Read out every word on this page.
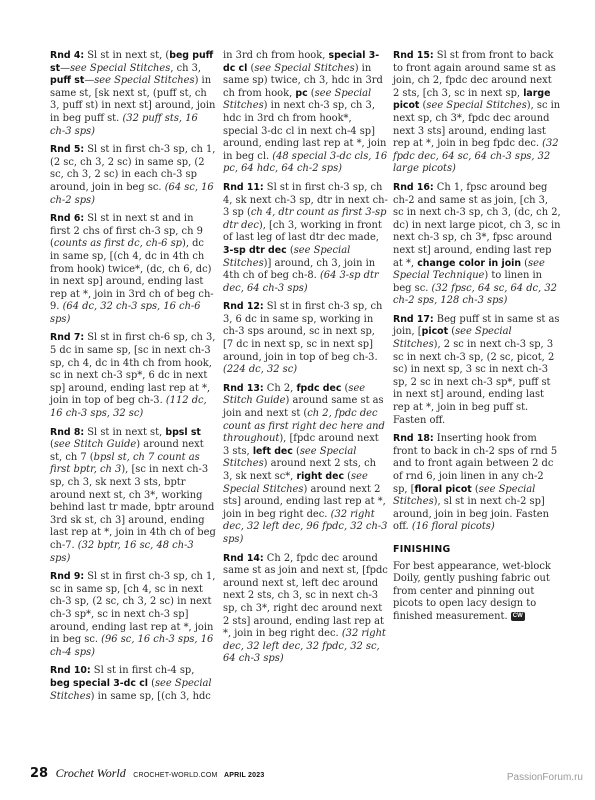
Rnd 4: Sl st in next st, (beg puff st—see Special Stitches, ch 3, puff st—see Special Stitches) in same st, [sk next st, (puff st, ch 3, puff st) in next st] around, join in beg puff st. (32 puff sts, 16 ch-3 sps)

Rnd 5: Sl st in first ch-3 sp, ch 1, (2 sc, ch 3, 2 sc) in same sp, (2 sc, ch 3, 2 sc) in each ch-3 sp around, join in beg sc. (64 sc, 16 ch-2 sps)

Rnd 6: Sl st in next st and in first 2 chs of first ch-3 sp, ch 9 (counts as first dc, ch-6 sp), dc in same sp, [(ch 4, dc in 4th ch from hook) twice*, (dc, ch 6, dc) in next sp] around, ending last rep at *, join in 3rd ch of beg ch-9. (64 dc, 32 ch-3 sps, 16 ch-6 sps)

Rnd 7: Sl st in first ch-6 sp, ch 3, 5 dc in same sp, [sc in next ch-3 sp, ch 4, dc in 4th ch from hook, sc in next ch-3 sp*, 6 dc in next sp] around, ending last rep at *, join in top of beg ch-3. (112 dc, 16 ch-3 sps, 32 sc)

Rnd 8: Sl st in next st, bpsl st (see Stitch Guide) around next st, ch 7 (bpsl st, ch 7 count as first bptr, ch 3), [sc in next ch-3 sp, ch 3, sk next 3 sts, bptr around next st, ch 3*, working behind last tr made, bptr around 3rd sk st, ch 3] around, ending last rep at *, join in 4th ch of beg ch-7. (32 bptr, 16 sc, 48 ch-3 sps)

Rnd 9: Sl st in first ch-3 sp, ch 1, sc in same sp, [ch 4, sc in next ch-3 sp, (2 sc, ch 3, 2 sc) in next ch-3 sp*, sc in next ch-3 sp] around, ending last rep at *, join in beg sc. (96 sc, 16 ch-3 sps, 16 ch-4 sps)

Rnd 10: Sl st in first ch-4 sp, beg special 3-dc cl (see Special Stitches) in same sp, [(ch 3, hdc

in 3rd ch from hook, special 3-dc cl (see Special Stitches) in same sp) twice, ch 3, hdc in 3rd ch from hook, pc (see Special Stitches) in next ch-3 sp, ch 3, hdc in 3rd ch from hook*, special 3-dc cl in next ch-4 sp] around, ending last rep at *, join in beg cl. (48 special 3-dc cls, 16 pc, 64 hdc, 64 ch-2 sps)

Rnd 11: Sl st in first ch-3 sp, ch 4, sk next ch-3 sp, dtr in next ch-3 sp (ch 4, dtr count as first 3-sp dtr dec), [ch 3, working in front of last leg of last dtr dec made, 3-sp dtr dec (see Special Stitches)] around, ch 3, join in 4th ch of beg ch-8. (64 3-sp dtr dec, 64 ch-3 sps)

Rnd 12: Sl st in first ch-3 sp, ch 3, 6 dc in same sp, working in ch-3 sps around, sc in next sp, [7 dc in next sp, sc in next sp] around, join in top of beg ch-3. (224 dc, 32 sc)

Rnd 13: Ch 2, fpdc dec (see Stitch Guide) around same st as join and next st (ch 2, fpdc dec count as first right dec here and throughout), [fpdc around next 3 sts, left dec (see Special Stitches) around next 2 sts, ch 3, sk next sc*, right dec (see Special Stitches) around next 2 sts] around, ending last rep at *, join in beg right dec. (32 right dec, 32 left dec, 96 fpdc, 32 ch-3 sps)

Rnd 14: Ch 2, fpdc dec around same st as join and next st, [fpdc around next st, left dec around next 2 sts, ch 3, sc in next ch-3 sp, ch 3*, right dec around next 2 sts] around, ending last rep at *, join in beg right dec. (32 right dec, 32 left dec, 32 fpdc, 32 sc, 64 ch-3 sps)

Rnd 15: Sl st from front to back to front again around same st as join, ch 2, fpdc dec around next 2 sts, [ch 3, sc in next sp, large picot (see Special Stitches), sc in next sp, ch 3*, fpdc dec around next 3 sts] around, ending last rep at *, join in beg fpdc dec. (32 fpdc dec, 64 sc, 64 ch-3 sps, 32 large picots)

Rnd 16: Ch 1, fpsc around beg ch-2 and same st as join, [ch 3, sc in next ch-3 sp, ch 3, (dc, ch 2, dc) in next large picot, ch 3, sc in next ch-3 sp, ch 3*, fpsc around next st] around, ending last rep at *, change color in join (see Special Technique) to linen in beg sc. (32 fpsc, 64 sc, 64 dc, 32 ch-2 sps, 128 ch-3 sps)

Rnd 17: Beg puff st in same st as join, [picot (see Special Stitches), 2 sc in next ch-3 sp, 3 sc in next ch-3 sp, (2 sc, picot, 2 sc) in next sp, 3 sc in next ch-3 sp, 2 sc in next ch-3 sp*, puff st in next st] around, ending last rep at *, join in beg puff st. Fasten off.

Rnd 18: Inserting hook from front to back in ch-2 sps of rnd 5 and to front again between 2 dc of rnd 6, join linen in any ch-2 sp, [floral picot (see Special Stitches), sl st in next ch-2 sp] around, join in beg join. Fasten off. (16 floral picots)

FINISHING

For best appearance, wet-block Doily, gently pushing fabric out from center and pinning out picots to open lacy design to finished measurement. CW

28 Crochet World CROCHET-WORLD.COM APRIL 2023	PassionForum.ru
